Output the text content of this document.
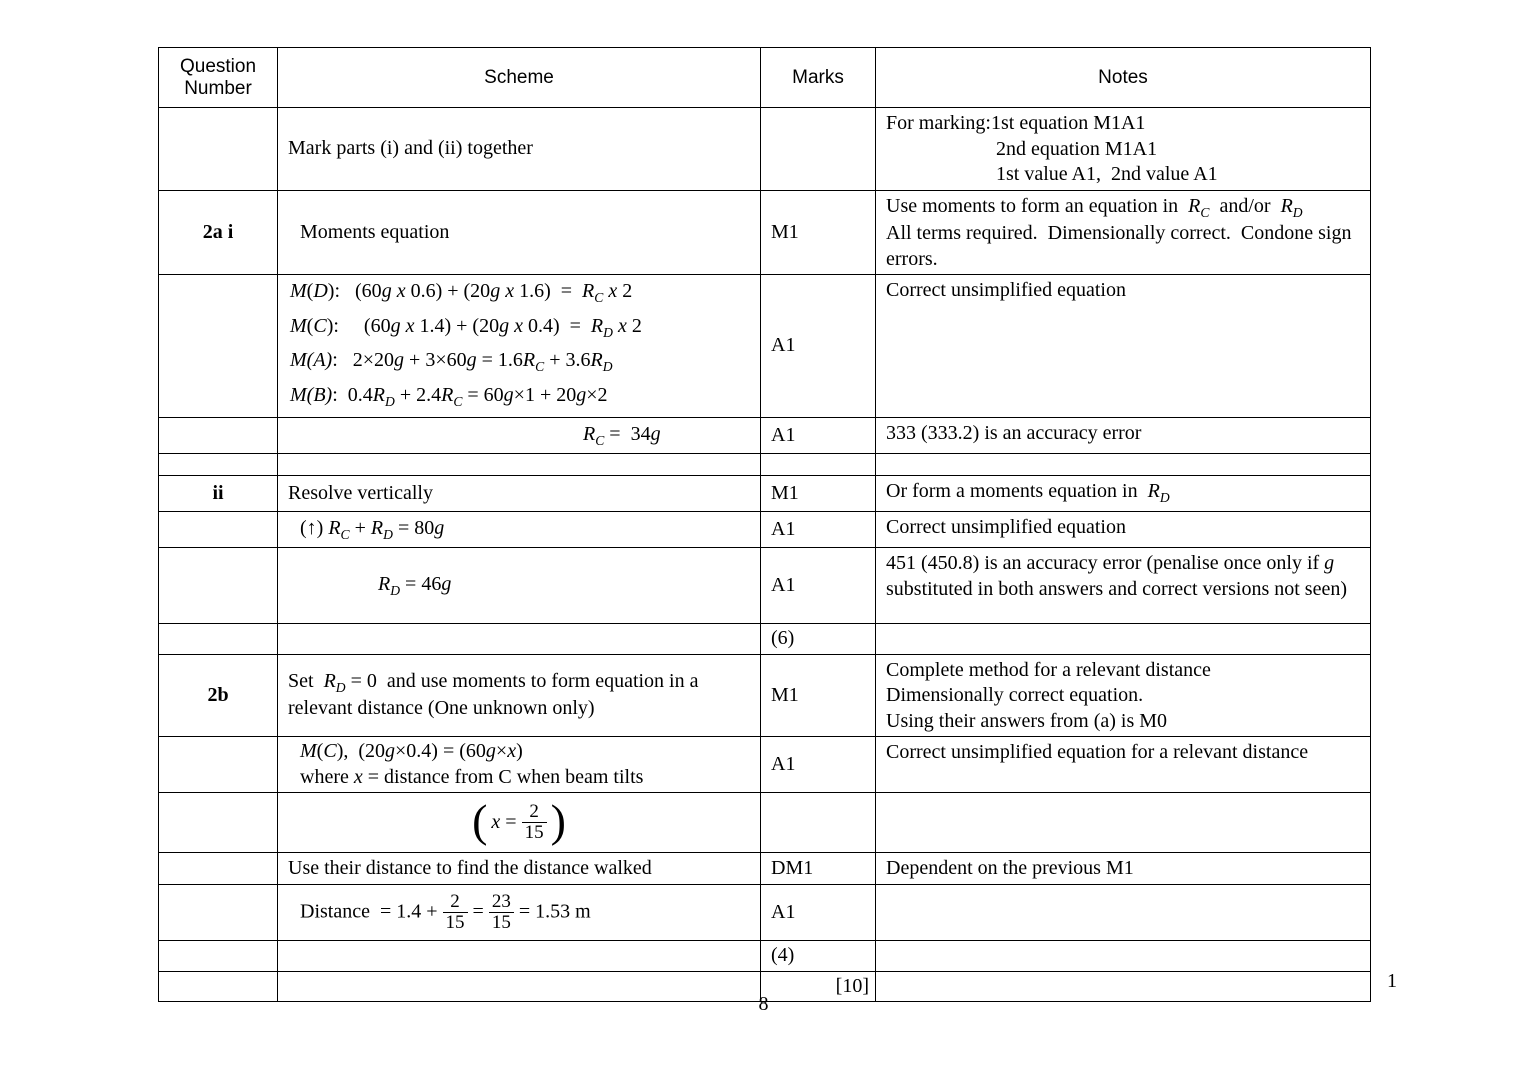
Question Number	Scheme	Marks	Notes
	Mark parts (i) and (ii) together		For marking:1st equation M1A1
2nd equation M1A1
1st value A1,  2nd value A1

2a i	Moments equation	M1	Use moments to form an equation in  $R_C$  and/or  $R_D$
All terms required.  Dimensionally correct.  Condone sign errors.

	M(D):   (60g x 0.6) + (20g x $1.6) = R_C$ x 2
M(C):     (60g x 1.4) + (20g x $0.4) = R_D$ x 2
M(A):   $2\times 20g + 3\times 60g = 1.6R_C + 3.6R_D$
M(B):  $0.4R_D + 2.4R_C = 60g\times 1 + 20g\times 2$	A1	Correct unsimplified equation
	$R_C = 34g$	A1	333 (333.2) is an accuracy error

ii	Resolve vertically	M1	Or form a moments equation in  $R_D$
	(↑) $R_C + R_D = 80g$	A1	Correct unsimplified equation
	$R_D = 46g$	A1	451 (450.8) is an accuracy error (penalise once only if g substituted in both answers and correct versions not seen)
		(6)	
2b	Set  $R_D = 0$  and use moments to form equation in a relevant distance (One unknown only)	M1	Complete method for a relevant distance
Dimensionally correct equation.
Using their answers from (a) is M0

	M(C),  (20g×0.4) = (60g×x)
where x = distance from C when beam tilts	A1	Correct unsimplified equation for a relevant distance
	( $x = \frac{2}{15}$ )		
	Use their distance to find the distance walked	DM1	Dependent on the previous M1
	Distance  = $1.4 + \frac{2}{15} = \frac{23}{15} = 1.53$ m	A1	
		(4)	
		[10]		1
8
